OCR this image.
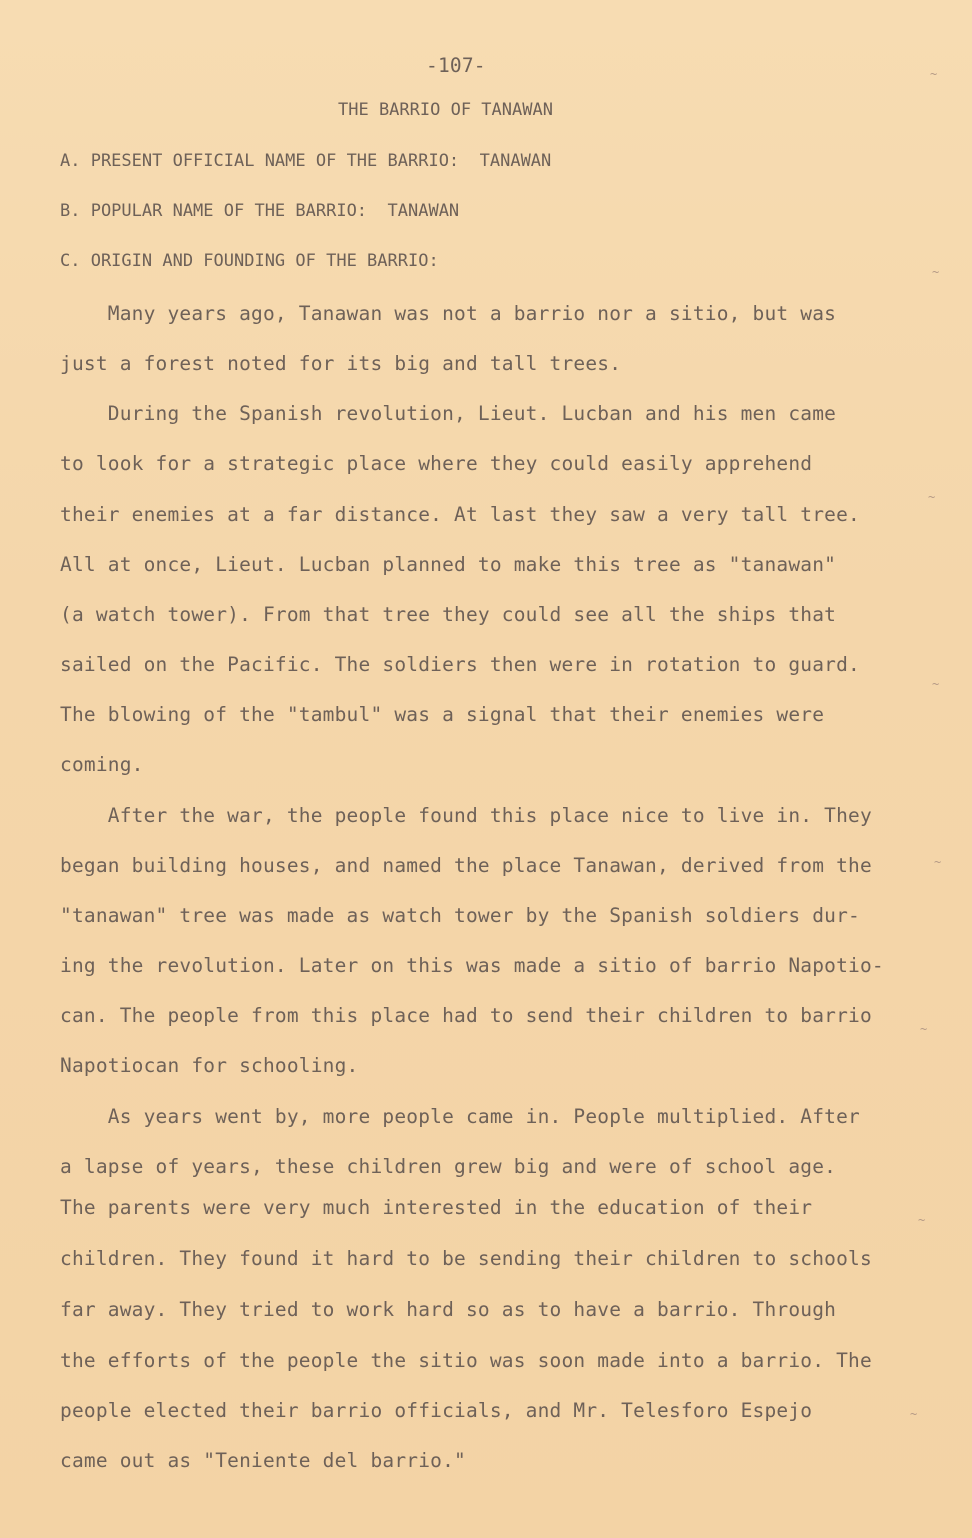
-107-
THE BARRIO OF TANAWAN
A. PRESENT OFFICIAL NAME OF THE BARRIO:  TANAWAN
B. POPULAR NAME OF THE BARRIO:  TANAWAN
C. ORIGIN AND FOUNDING OF THE BARRIO:
Many years ago, Tanawan was not a barrio nor a sitio, but was
just a forest noted for its big and tall trees.
During the Spanish revolution, Lieut. Lucban and his men came
to look for a strategic place where they could easily apprehend
their enemies at a far distance. At last they saw a very tall tree.
All at once, Lieut. Lucban planned to make this tree as "tanawan"
(a watch tower). From that tree they could see all the ships that
sailed on the Pacific. The soldiers then were in rotation to guard.
The blowing of the "tambul" was a signal that their enemies were
coming.
After the war, the people found this place nice to live in. They
began building houses, and named the place Tanawan, derived from the
"tanawan" tree was made as watch tower by the Spanish soldiers dur-
ing the revolution. Later on this was made a sitio of barrio Napotio-
can. The people from this place had to send their children to barrio
Napotiocan for schooling.
As years went by, more people came in. People multiplied. After
a lapse of years, these children grew big and were of school age.
The parents were very much interested in the education of their
children. They found it hard to be sending their children to schools
far away. They tried to work hard so as to have a barrio. Through
the efforts of the people the sitio was soon made into a barrio. The
people elected their barrio officials, and Mr. Telesforo Espejo
came out as "Teniente del barrio."
~
~
~
~
~
~
~
~
